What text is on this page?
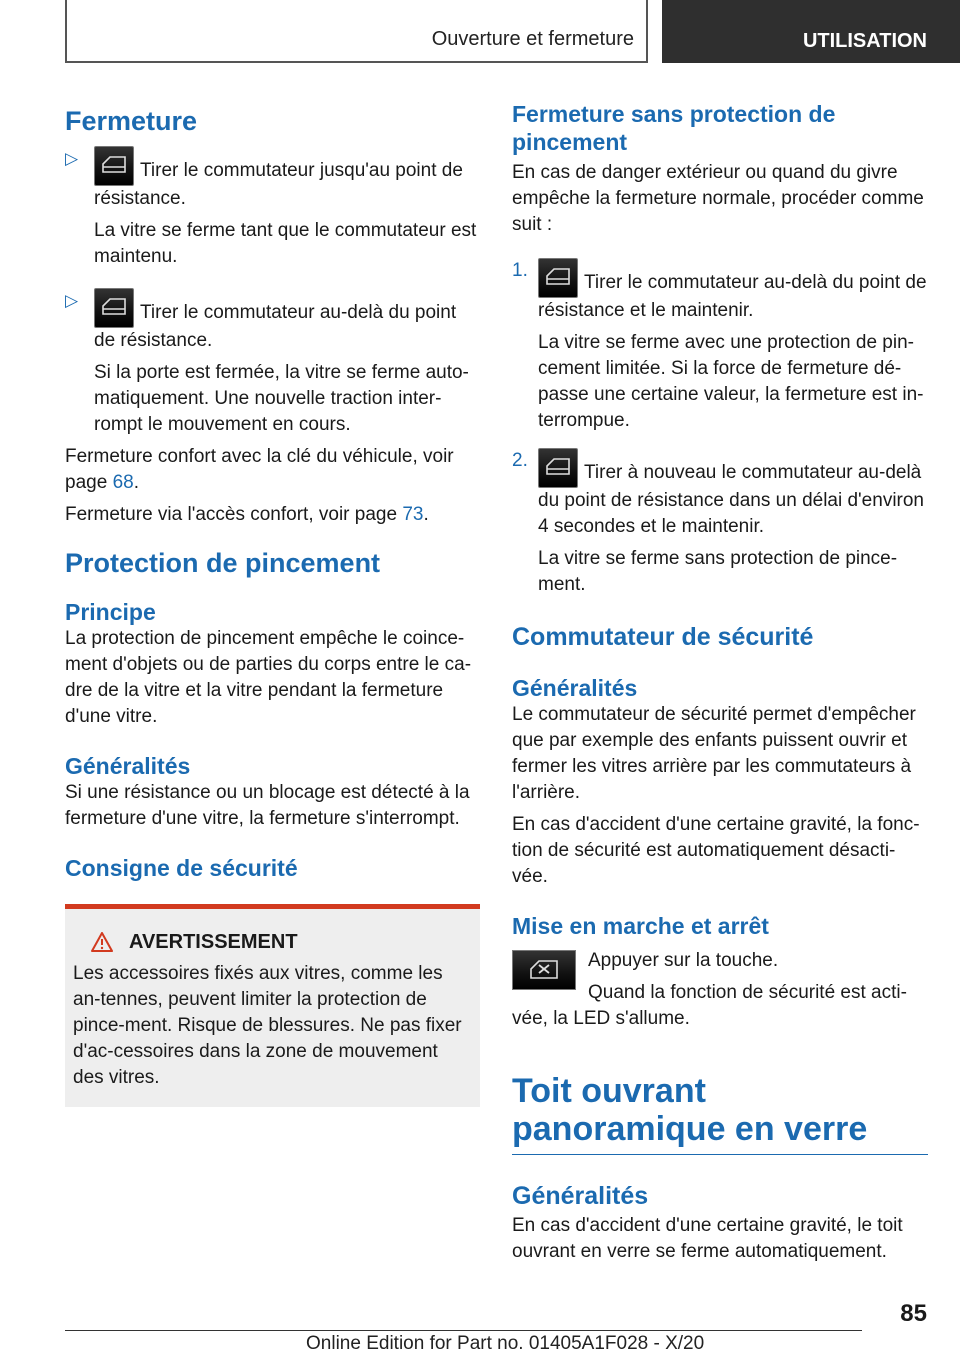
Ouverture et fermeture	UTILISATION
Fermeture
▷

Tirer le commutateur jusqu'au point de résistance.

La vitre se ferme tant que le commutateur est maintenu.

▷

Tirer le commutateur au-delà du point de résistance.

Si la porte est fermée, la vitre se ferme auto-matiquement. Une nouvelle traction inter-rompt le mouvement en cours.

Fermeture confort avec la clé du véhicule, voir page 68.

Fermeture via l'accès confort, voir page 73.

Protection de pincement
Principe

La protection de pincement empêche le coince-ment d'objets ou de parties du corps entre le ca-dre de la vitre et la vitre pendant la fermeture d'une vitre.

Généralités

Si une résistance ou un blocage est détecté à la fermeture d'une vitre, la fermeture s'interrompt.

Consigne de sécurité
AVERTISSEMENT

Les accessoires fixés aux vitres, comme les an-tennes, peuvent limiter la protection de pince-ment. Risque de blessures. Ne pas fixer d'ac-cessoires dans la zone de mouvement des vitres.

Fermeture sans protection de pincement

En cas de danger extérieur ou quand du givre empêche la fermeture normale, procéder comme suit :

1.

Tirer le commutateur au-delà du point de résistance et le maintenir.

La vitre se ferme avec une protection de pin-cement limitée. Si la force de fermeture dé-passe une certaine valeur, la fermeture est in-terrompue.

2.

Tirer à nouveau le commutateur au-delà du point de résistance dans un délai d'environ 4 secondes et le maintenir.

La vitre se ferme sans protection de pince-ment.

Commutateur de sécurité
Généralités

Le commutateur de sécurité permet d'empêcher que par exemple des enfants puissent ouvrir et fermer les vitres arrière par les commutateurs à l'arrière.

En cas d'accident d'une certaine gravité, la fonc-tion de sécurité est automatiquement désacti-vée.

Mise en marche et arrêt

Appuyer sur la touche.

Quand la fonction de sécurité est acti-vée, la LED s'allume.

Toit ouvrant panoramique en verre
Généralités

En cas d'accident d'une certaine gravité, le toit ouvrant en verre se ferme automatiquement.

85
Online Edition for Part no. 01405A1F028 - X/20
